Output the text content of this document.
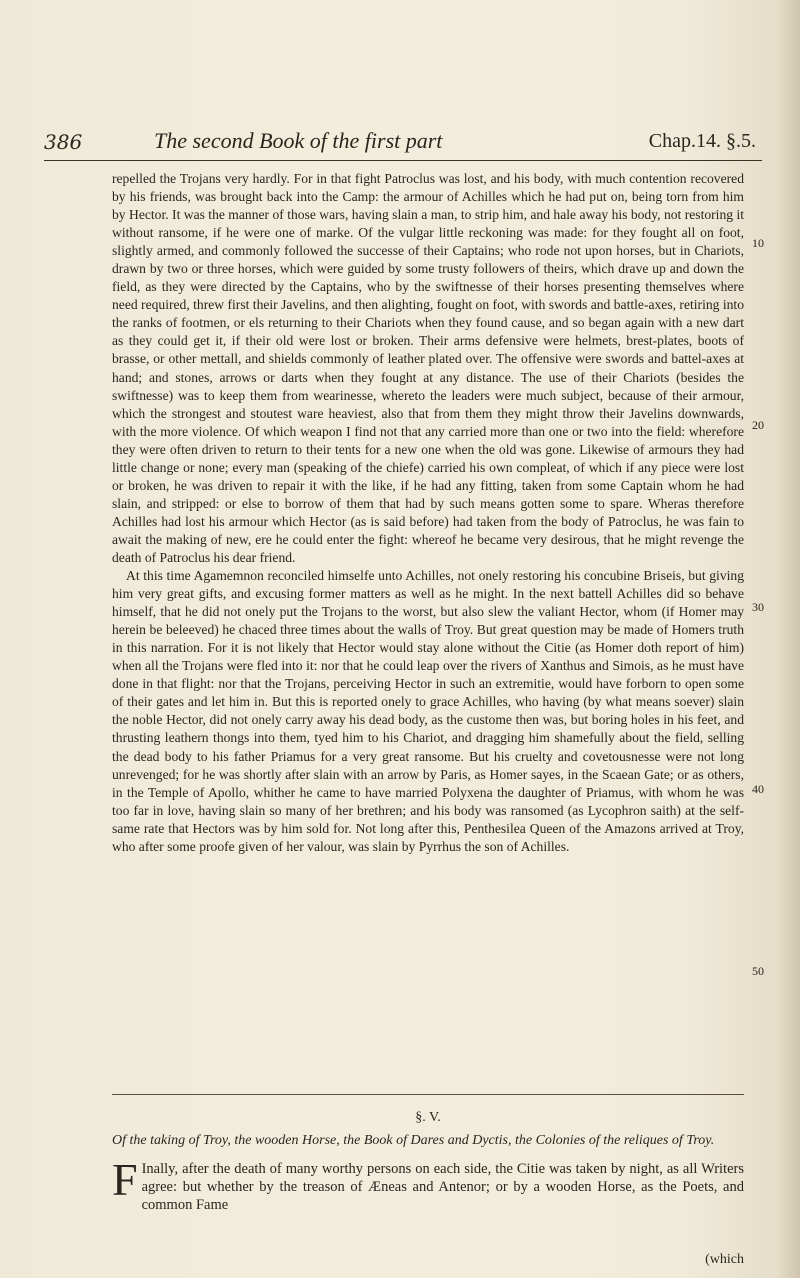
386	The second Book of the first part	Chap.14. §.5.

repelled the Trojans very hardly. For in that fight Patroclus was lost, and his body, with much contention recovered by his friends, was brought back into the Camp: the armour of Achilles which he had put on, being torn from him by Hector. It was the manner of those wars, having slain a man, to strip him, and hale away his body, not restoring it without ransome, if he were one of marke. Of the vulgar little reckoning was made: for they fought all on foot, slightly armed, and commonly followed the successe of their Captains; who rode not upon horses, but in Chariots, drawn by two or three horses, which were guided by some trusty followers of theirs, which drave up and down the field, as they were directed by the Captains, who by the swiftnesse of their horses presenting themselves where need required, threw first their Javelins, and then alighting, fought on foot, with swords and battle-axes, retiring into the ranks of footmen, or els returning to their Chariots when they found cause, and so began again with a new dart as they could get it, if their old were lost or broken. Their arms defensive were helmets, brest-plates, boots of brasse, or other mettall, and shields commonly of leather plated over. The offensive were swords and battel-axes at hand; and stones, arrows or darts when they fought at any distance. The use of their Chariots (besides the swiftnesse) was to keep them from wearinesse, whereto the leaders were much subject, because of their armour, which the strongest and stoutest ware heaviest, also that from them they might throw their Javelins downwards, with the more violence. Of which weapon I find not that any carried more than one or two into the field: wherefore they were often driven to return to their tents for a new one when the old was gone. Likewise of armours they had little change or none; every man (speaking of the chiefe) carried his own compleat, of which if any piece were lost or broken, he was driven to repair it with the like, if he had any fitting, taken from some Captain whom he had slain, and stripped: or else to borrow of them that had by such means gotten some to spare. Wheras therefore Achilles had lost his armour which Hector (as is said before) had taken from the body of Patroclus, he was fain to await the making of new, ere he could enter the fight: whereof he became very desirous, that he might revenge the death of Patroclus his dear friend.

At this time Agamemnon reconciled himselfe unto Achilles, not onely restoring his concubine Briseis, but giving him very great gifts, and excusing former matters as well as he might. In the next battell Achilles did so behave himself, that he did not onely put the Trojans to the worst, but also slew the valiant Hector, whom (if Homer may herein be beleeved) he chaced three times about the walls of Troy. But great question may be made of Homers truth in this narration. For it is not likely that Hector would stay alone without the Citie (as Homer doth report of him) when all the Trojans were fled into it: nor that he could leap over the rivers of Xanthus and Simois, as he must have done in that flight: nor that the Trojans, perceiving Hector in such an extremitie, would have forborn to open some of their gates and let him in. But this is reported onely to grace Achilles, who having (by what means soever) slain the noble Hector, did not onely carry away his dead body, as the custome then was, but boring holes in his feet, and thrusting leathern thongs into them, tyed him to his Chariot, and dragging him shamefully about the field, selling the dead body to his father Priamus for a very great ransome. But his cruelty and covetousnesse were not long unrevenged; for he was shortly after slain with an arrow by Paris, as Homer sayes, in the Scaean Gate; or as others, in the Temple of Apollo, whither he came to have married Polyxena the daughter of Priamus, with whom he was too far in love, having slain so many of her brethren; and his body was ransomed (as Lycophron saith) at the self-same rate that Hectors was by him sold for. Not long after this, Penthesilea Queen of the Amazons arrived at Troy, who after some proofe given of her valour, was slain by Pyrrhus the son of Achilles.

10
20
30
40
50
§. V.
Of the taking of Troy, the wooden Horse, the Book of Dares and Dyctis, the Colonies of the reliques of Troy.
F Inally, after the death of many worthy persons on each side, the Citie was taken by night, as all Writers agree: but whether by the treason of Æneas and Antenor; or by a wooden Horse, as the Poets, and common Fame
(which
